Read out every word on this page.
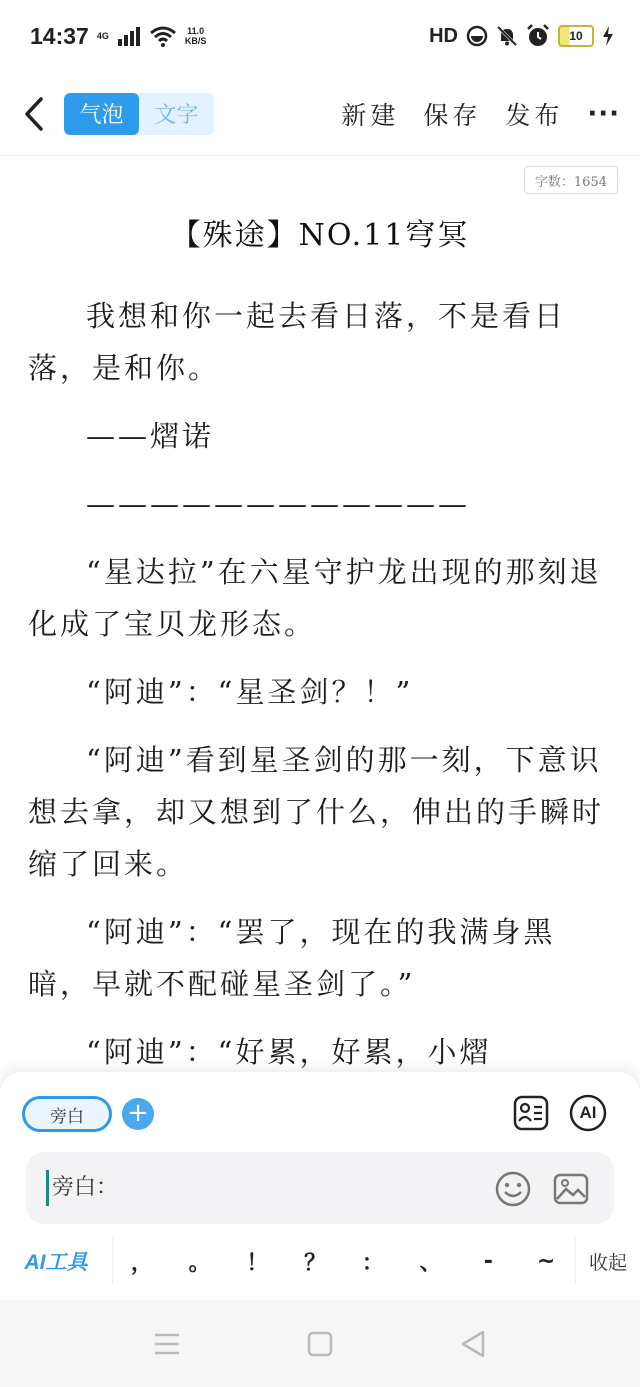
14:37 4G	11.0
KB/S	HD	10
气泡	文字	新建 保存 发布 ···
字数：1654
【殊途】NO.11穹冥

我想和你一起去看日落，不是看日落，是和你。

——熠诺

————————————

“星达拉”在六星守护龙出现的那刻退化成了宝贝龙形态。

“阿迪”：“星圣剑？！”

“阿迪”看到星圣剑的那一刻，下意识想去拿，却又想到了什么，伸出的手瞬时缩了回来。

“阿迪”：“罢了，现在的我满身黑暗，早就不配碰星圣剑了。”

“阿迪”：“好累，好累，小熠

旁白	+	AI
旁白：
AI工具	，	。	！	？	：	、	-	~	收起
